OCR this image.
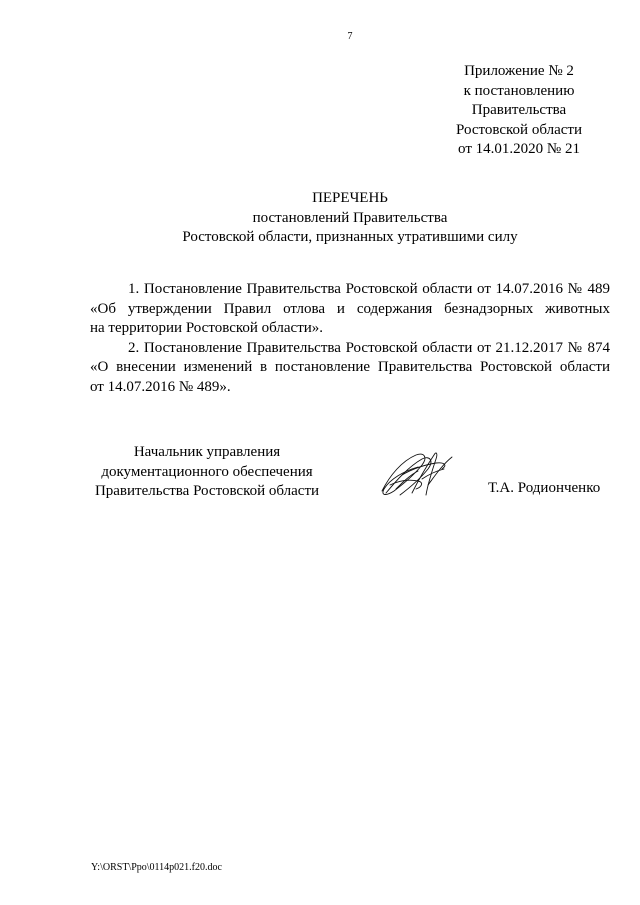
7
Приложение № 2
к постановлению
Правительства
Ростовской области
от 14.01.2020 № 21
ПЕРЕЧЕНЬ
постановлений Правительства
Ростовской области, признанных утратившими силу
1. Постановление Правительства Ростовской области от 14.07.2016 № 489
«Об утверждении Правил отлова и содержания безнадзорных животных
на территории Ростовской области».
2. Постановление Правительства Ростовской области от 21.12.2017 № 874
«О внесении изменений в постановление Правительства Ростовской области
от 14.07.2016 № 489».
Начальник управления
документационного обеспечения
Правительства Ростовской области	Т.А. Родионченко
Y:\ORST\Ppo\0114p021.f20.doc
